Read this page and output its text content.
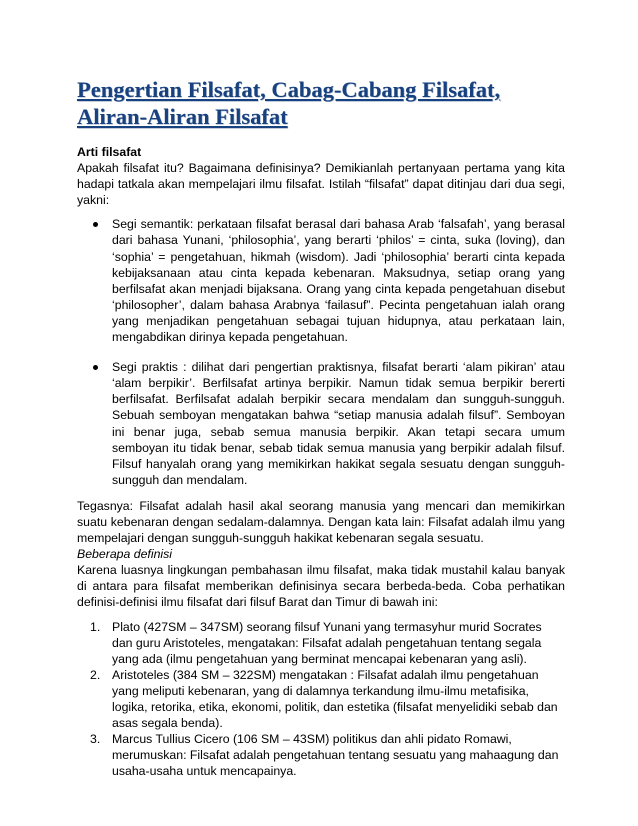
Pengertian Filsafat, Cabag-Cabang Filsafat, Aliran-Aliran Filsafat

Arti filsafat

Apakah filsafat itu? Bagaimana definisinya? Demikianlah pertanyaan pertama yang kita hadapi tatkala akan mempelajari ilmu filsafat. Istilah “filsafat” dapat ditinjau dari dua segi, yakni:

Segi semantik: perkataan filsafat berasal dari bahasa Arab ‘falsafah’, yang berasal dari bahasa Yunani, ‘philosophia’, yang berarti ‘philos’ = cinta, suka (loving), dan ‘sophia’ = pengetahuan, hikmah (wisdom). Jadi ‘philosophia’ berarti cinta kepada kebijaksanaan atau cinta kepada kebenaran. Maksudnya, setiap orang yang berfilsafat akan menjadi bijaksana. Orang yang cinta kepada pengetahuan disebut ‘philosopher’, dalam bahasa Arabnya ‘failasuf”. Pecinta pengetahuan ialah orang yang menjadikan pengetahuan sebagai tujuan hidupnya, atau perkataan lain, mengabdikan dirinya kepada pengetahuan.
Segi praktis : dilihat dari pengertian praktisnya, filsafat berarti ‘alam pikiran’ atau ‘alam berpikir’. Berfilsafat artinya berpikir. Namun tidak semua berpikir bererti berfilsafat. Berfilsafat adalah berpikir secara mendalam dan sungguh-sungguh. Sebuah semboyan mengatakan bahwa “setiap manusia adalah filsuf”. Semboyan ini benar juga, sebab semua manusia berpikir. Akan tetapi secara umum semboyan itu tidak benar, sebab tidak semua manusia yang berpikir adalah filsuf. Filsuf hanyalah orang yang memikirkan hakikat segala sesuatu dengan sungguh-sungguh dan mendalam.

Tegasnya: Filsafat adalah hasil akal seorang manusia yang mencari dan memikirkan suatu kebenaran dengan sedalam-dalamnya. Dengan kata lain: Filsafat adalah ilmu yang mempelajari dengan sungguh-sungguh hakikat kebenaran segala sesuatu.

Beberapa definisi

Karena luasnya lingkungan pembahasan ilmu filsafat, maka tidak mustahil kalau banyak di antara para filsafat memberikan definisinya secara berbeda-beda. Coba perhatikan definisi-definisi ilmu filsafat dari filsuf Barat dan Timur di bawah ini:

1. Plato (427SM – 347SM) seorang filsuf Yunani yang termasyhur murid Socrates dan guru Aristoteles, mengatakan: Filsafat adalah pengetahuan tentang segala yang ada (ilmu pengetahuan yang berminat mencapai kebenaran yang asli).
2. Aristoteles (384 SM – 322SM) mengatakan : Filsafat adalah ilmu pengetahuan yang meliputi kebenaran, yang di dalamnya terkandung ilmu-ilmu metafisika, logika, retorika, etika, ekonomi, politik, dan estetika (filsafat menyelidiki sebab dan asas segala benda).
3. Marcus Tullius Cicero (106 SM – 43SM) politikus dan ahli pidato Romawi, merumuskan: Filsafat adalah pengetahuan tentang sesuatu yang mahaagung dan usaha-usaha untuk mencapainya.
